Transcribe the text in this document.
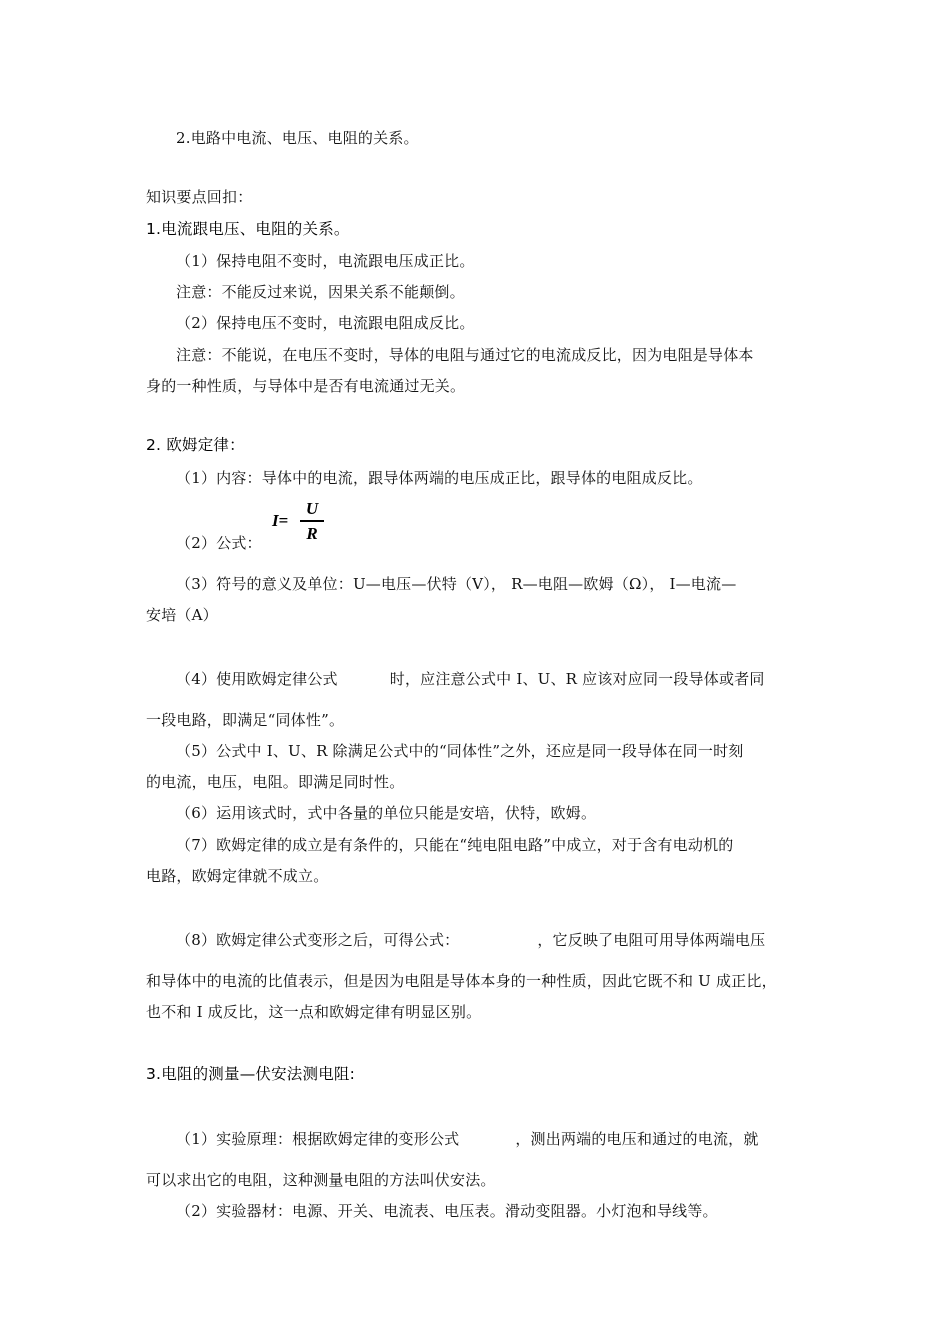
2.电路中电流、电压、电阻的关系。
知识要点回扣：
1.电流跟电压、电阻的关系。
（1）保持电阻不变时，电流跟电压成正比。
注意：不能反过来说，因果关系不能颠倒。
（2）保持电压不变时，电流跟电阻成反比。
注意：不能说，在电压不变时，导体的电阻与通过它的电流成反比，因为电阻是导体本
身的一种性质，与导体中是否有电流通过无关。
2. 欧姆定律：
（1）内容：导体中的电流，跟导体两端的电压成正比，跟导体的电阻成反比。
（2）公式：
I=
U
R
（3）符号的意义及单位：U—电压—伏特（V）， R—电阻—欧姆（Ω）， I—电流—
安培（A）
（4）使用欧姆定律公式	时，应注意公式中 I、U、R 应该对应同一段导体或者同
一段电路，即满足“同体性”。
（5）公式中 I、U、R 除满足公式中的“同体性”之外，还应是同一段导体在同一时刻
的电流，电压，电阻。即满足同时性。
（6）运用该式时，式中各量的单位只能是安培，伏特，欧姆。
（7）欧姆定律的成立是有条件的，只能在“纯电阻电路”中成立，对于含有电动机的
电路，欧姆定律就不成立。
（8）欧姆定律公式变形之后，可得公式：	，它反映了电阻可用导体两端电压
和导体中的电流的比值表示，但是因为电阻是导体本身的一种性质，因此它既不和 U 成正比，
也不和 I 成反比，这一点和欧姆定律有明显区别。
3.电阻的测量—伏安法测电阻:
（1）实验原理：根据欧姆定律的变形公式	，测出两端的电压和通过的电流，就
可以求出它的电阻，这种测量电阻的方法叫伏安法。
（2）实验器材：电源、开关、电流表、电压表。滑动变阻器。小灯泡和导线等。
